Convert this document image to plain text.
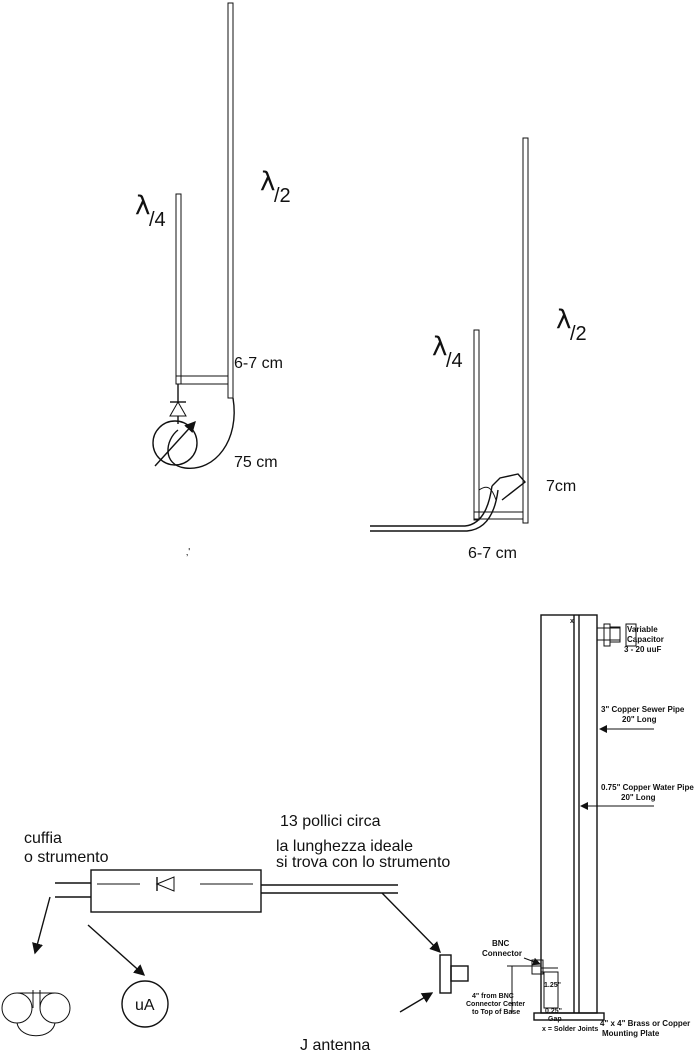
λ
/4
λ
/2
6-7 cm
75 cm
‚'
λ
/4
λ
/2
7cm
6-7 cm
uA
cuffia
o strumento
13 pollici circa
la lunghezza ideale
si trova con lo strumento
J antenna
x
Variable
Capacitor
3 - 20 uuF
3" Copper Sewer Pipe
20" Long
0.75" Copper Water Pipe
20" Long
BNC
Connector
1.25"
0.25"
Gap
4" from BNC
Connector Center
to Top of Base
4" x 4" Brass or Copper
Mounting Plate
x = Solder Joints
